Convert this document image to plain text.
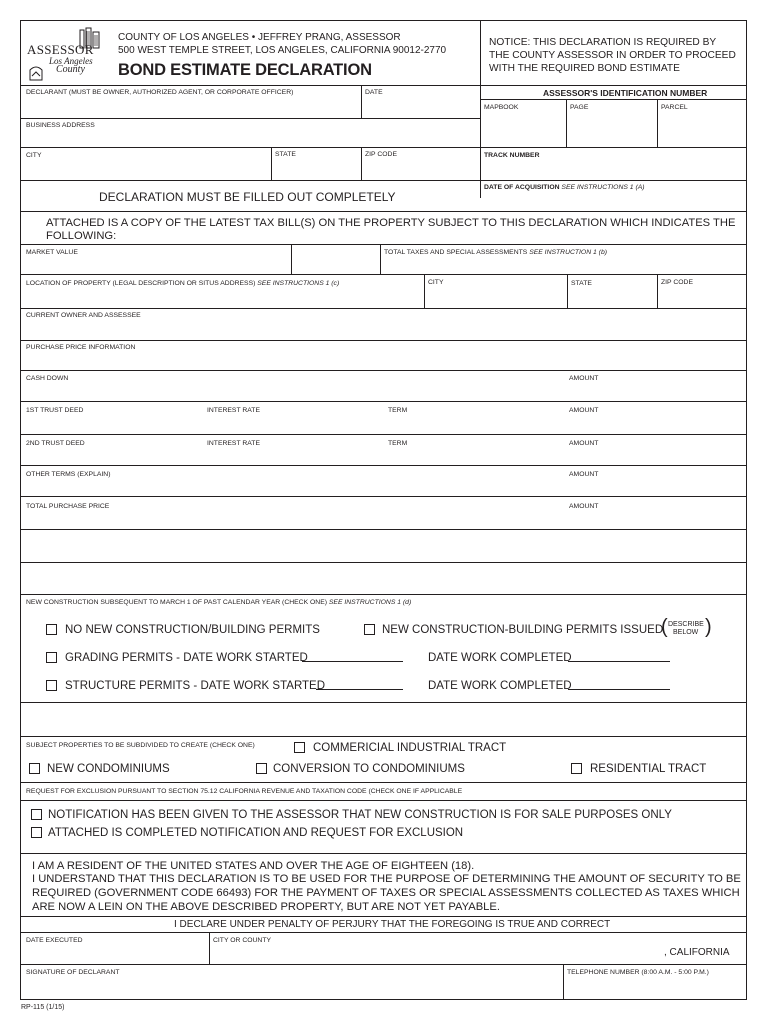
ASSESSOR
Los Angeles
County
COUNTY OF LOS ANGELES • JEFFREY PRANG, ASSESSOR
500 WEST TEMPLE STREET, LOS ANGELES, CALIFORNIA 90012-2770
BOND ESTIMATE DECLARATION
NOTICE: THIS DECLARATION IS REQUIRED BY
THE COUNTY ASSESSOR IN ORDER TO PROCEED
WITH THE REQUIRED BOND ESTIMATE
DECLARANT (MUST BE OWNER, AUTHORIZED AGENT, OR CORPORATE OFFICER)	DATE	ASSESSOR'S IDENTIFICATION NUMBER
MAPBOOK	PAGE	PARCEL
BUSINESS ADDRESS
CITY	STATE	ZIP CODE	TRACK NUMBER
DATE OF ACQUISITION SEE INSTRUCTIONS 1 (A)
DECLARATION MUST BE FILLED OUT COMPLETELY
ATTACHED IS A COPY OF THE LATEST TAX BILL(S) ON THE PROPERTY SUBJECT TO THIS DECLARATION WHICH INDICATES THE
FOLLOWING:
MARKET VALUE	TOTAL TAXES AND SPECIAL ASSESSMENTS SEE INSTRUCTION 1 (b)
LOCATION OF PROPERTY (LEGAL DESCRIPTION OR SITUS ADDRESS) SEE INSTRUCTIONS 1 (c)	CITY	STATE	ZIP CODE
CURRENT OWNER AND ASSESSEE
PURCHASE PRICE INFORMATION
CASH DOWN	AMOUNT
1ST TRUST DEED	INTEREST RATE	TERM	AMOUNT
2ND TRUST DEED	INTEREST RATE	TERM	AMOUNT
OTHER TERMS (EXPLAIN)	AMOUNT
TOTAL PURCHASE PRICE	AMOUNT
NEW CONSTRUCTION SUBSEQUENT TO MARCH 1 OF PAST CALENDAR YEAR (CHECK ONE) SEE INSTRUCTIONS 1 (d)
NO NEW CONSTRUCTION/BUILDING PERMITS	NEW CONSTRUCTION-BUILDING PERMITS ISSUED
( DESCRIBE
BELOW )
GRADING PERMITS - DATE WORK STARTED	DATE WORK COMPLETED
STRUCTURE PERMITS - DATE WORK STARTED	DATE WORK COMPLETED
SUBJECT PROPERTIES TO BE SUBDIVIDED TO CREATE (CHECK ONE)	COMMERICIAL INDUSTRIAL TRACT
NEW CONDOMINIUMS	CONVERSION TO CONDOMINIUMS	RESIDENTIAL TRACT
REQUEST FOR EXCLUSION PURSUANT TO SECTION 75.12 CALIFORNIA REVENUE AND TAXATION CODE (CHECK ONE IF APPLICABLE
NOTIFICATION HAS BEEN GIVEN TO THE ASSESSOR THAT NEW CONSTRUCTION IS FOR SALE PURPOSES ONLY
ATTACHED IS COMPLETED NOTIFICATION AND REQUEST FOR EXCLUSION
I AM A RESIDENT OF THE UNITED STATES AND OVER THE AGE OF EIGHTEEN (18).
I UNDERSTAND THAT THIS DECLARATION IS TO BE USED FOR THE PURPOSE OF DETERMINING THE AMOUNT OF SECURITY TO BE
REQUIRED (GOVERNMENT CODE 66493) FOR THE PAYMENT OF TAXES OR SPECIAL ASSESSMENTS COLLECTED AS TAXES WHICH
ARE NOW A LEIN ON THE ABOVE DESCRIBED PROPERTY, BUT ARE NOT YET PAYABLE.
I DECLARE UNDER PENALTY OF PERJURY THAT THE FOREGOING IS TRUE AND CORRECT
DATE EXECUTED	CITY OR COUNTY
, CALIFORNIA
SIGNATURE OF DECLARANT	TELEPHONE NUMBER (8:00 A.M. - 5:00 P.M.)
RP-115 (1/15)
